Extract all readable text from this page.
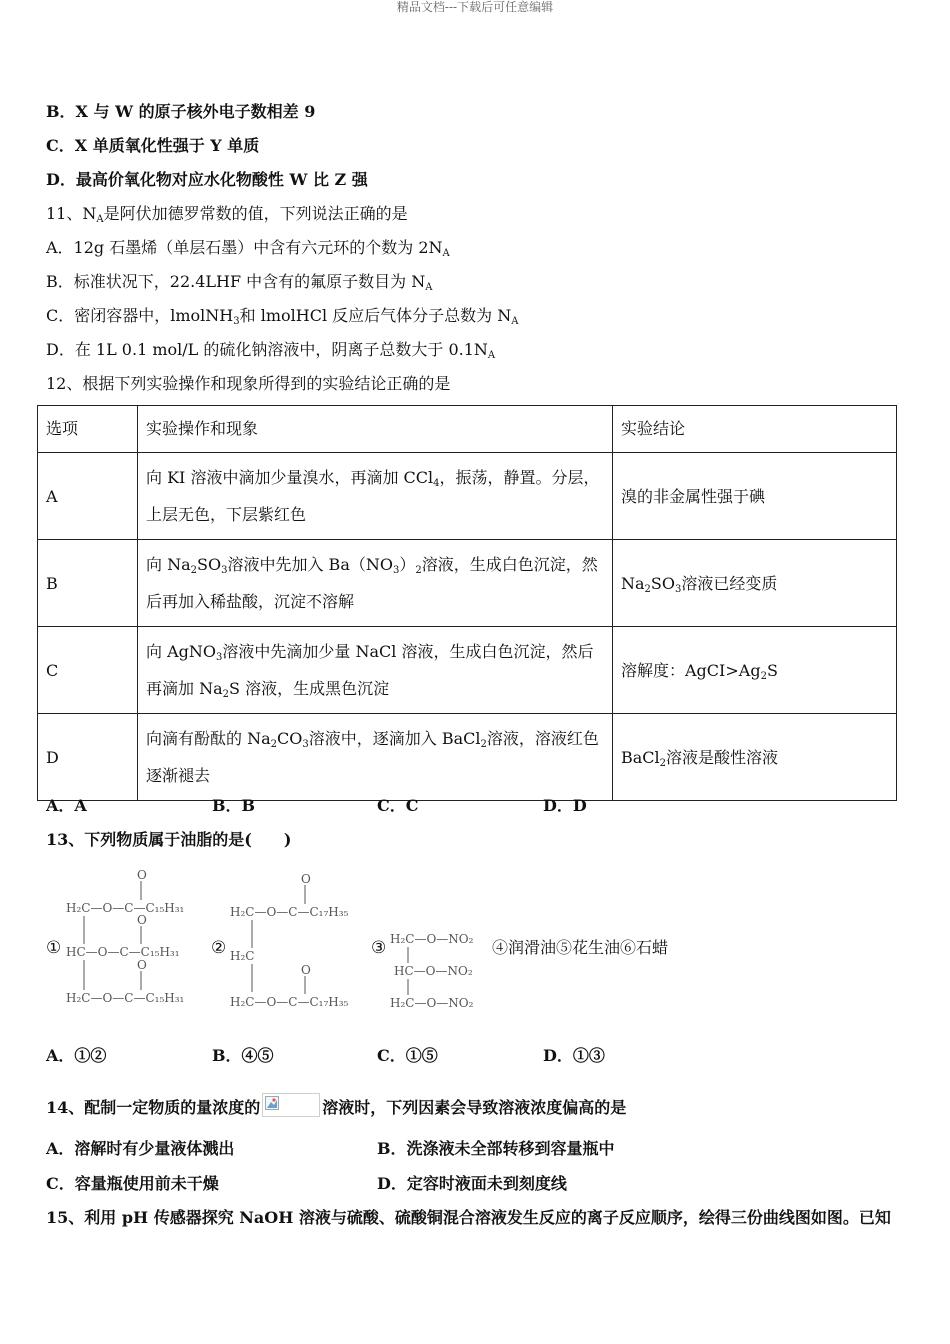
精品文档---下载后可任意编辑
B．X 与 W 的原子核外电子数相差 9
C．X 单质氧化性强于 Y 单质
D．最高价氧化物对应水化物酸性 W 比 Z 强
11、$N_A$是阿伏加德罗常数的值，下列说法正确的是
A．12g 石墨烯（单层石墨）中含有六元环的个数为 $2N_A$
B．标准状况下，22.4LHF 中含有的氟原子数目为 $N_A$
C．密闭容器中，lmolNH$_3$和 lmolHCl 反应后气体分子总数为 $N_A$
D．在 1L 0.1 mol/L 的硫化钠溶液中，阴离子总数大于 $0.1N_A$
12、根据下列实验操作和现象所得到的实验结论正确的是
选项	实验操作和现象	实验结论
A	向 KI 溶液中滴加少量溴水，再滴加 CCl$_4$，振荡，静置。分层，上层无色，下层紫红色	溴的非金属性强于碘
B	向 $Na_2SO_3$溶液中先加入 $Ba(NO_3)_2$溶液，生成白色沉淀，然后再加入稀盐酸，沉淀不溶解	$Na_2SO_3$溶液已经变质
C	向 AgNO$_3$溶液中先滴加少量 NaCl 溶液，生成白色沉淀，然后再滴加 $Na_2S$ 溶液，生成黑色沉淀	溶解度：$AgCI>Ag_2S$
D	向滴有酚酞的 $Na_2CO_3$溶液中，逐滴加入 BaCl$_2$溶液，溶液红色逐渐褪去	BaCl$_2$溶液是酸性溶液
A．A	B．B	C．C	D．D
13、下列物质属于油脂的是(　　)
①
O
H₂C—O—C—C₁₅H₃₁
O
HC—O—C—C₁₅H₃₁
O
H₂C—O—C—C₁₅H₃₁
②
O
H₂C—O—C—C₁₇H₃₅
H₂C
O
H₂C—O—C—C₁₇H₃₅
③ H₂C—O—NO₂
HC—O—NO₂
H₂C—O—NO₂
④润滑油⑤花生油⑥石蜡
A．①②	B．④⑤	C．①⑤	D．①③
14、配制一定物质的量浓度的	溶液时，下列因素会导致溶液浓度偏高的是
A．溶解时有少量液体溅出	B．洗涤液未全部转移到容量瓶中
C．容量瓶使用前未干燥	D．定容时液面未到刻度线
15、利用 pH 传感器探究 NaOH 溶液与硫酸、硫酸铜混合溶液发生反应的离子反应顺序，绘得三份曲线图如图。已知
